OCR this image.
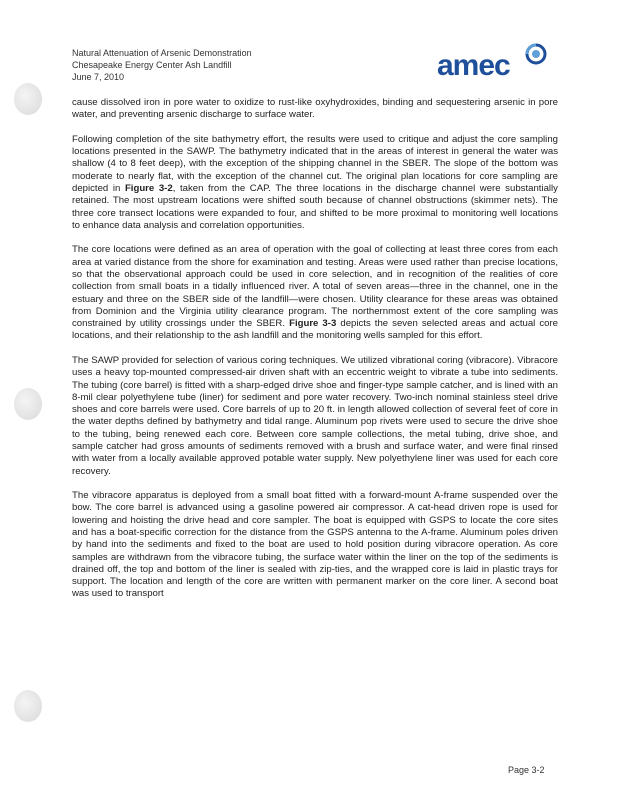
Natural Attenuation of Arsenic Demonstration
Chesapeake Energy Center Ash Landfill
June 7, 2010	amec

cause dissolved iron in pore water to oxidize to rust-like oxyhydroxides, binding and sequestering arsenic in pore water, and preventing arsenic discharge to surface water.

Following completion of the site bathymetry effort, the results were used to critique and adjust the core sampling locations presented in the SAWP. The bathymetry indicated that in the areas of interest in general the water was shallow (4 to 8 feet deep), with the exception of the shipping channel in the SBER. The slope of the bottom was moderate to nearly flat, with the exception of the channel cut. The original plan locations for core sampling are depicted in Figure 3-2, taken from the CAP. The three locations in the discharge channel were substantially retained. The most upstream locations were shifted south because of channel obstructions (skimmer nets). The three core transect locations were expanded to four, and shifted to be more proximal to monitoring well locations to enhance data analysis and correlation opportunities.

The core locations were defined as an area of operation with the goal of collecting at least three cores from each area at varied distance from the shore for examination and testing. Areas were used rather than precise locations, so that the observational approach could be used in core selection, and in recognition of the realities of core collection from small boats in a tidally influenced river. A total of seven areas—three in the channel, one in the estuary and three on the SBER side of the landfill—were chosen. Utility clearance for these areas was obtained from Dominion and the Virginia utility clearance program. The northernmost extent of the core sampling was constrained by utility crossings under the SBER. Figure 3-3 depicts the seven selected areas and actual core locations, and their relationship to the ash landfill and the monitoring wells sampled for this effort.

The SAWP provided for selection of various coring techniques. We utilized vibrational coring (vibracore). Vibracore uses a heavy top-mounted compressed-air driven shaft with an eccentric weight to vibrate a tube into sediments. The tubing (core barrel) is fitted with a sharp-edged drive shoe and finger-type sample catcher, and is lined with an 8-mil clear polyethylene tube (liner) for sediment and pore water recovery. Two-inch nominal stainless steel drive shoes and core barrels were used. Core barrels of up to 20 ft. in length allowed collection of several feet of core in the water depths defined by bathymetry and tidal range. Aluminum pop rivets were used to secure the drive shoe to the tubing, being renewed each core. Between core sample collections, the metal tubing, drive shoe, and sample catcher had gross amounts of sediments removed with a brush and surface water, and were final rinsed with water from a locally available approved potable water supply. New polyethylene liner was used for each core recovery.

The vibracore apparatus is deployed from a small boat fitted with a forward-mount A-frame suspended over the bow. The core barrel is advanced using a gasoline powered air compressor. A cat-head driven rope is used for lowering and hoisting the drive head and core sampler. The boat is equipped with GSPS to locate the core sites and has a boat-specific correction for the distance from the GSPS antenna to the A-frame. Aluminum poles driven by hand into the sediments and fixed to the boat are used to hold position during vibracore operation. As core samples are withdrawn from the vibracore tubing, the surface water within the liner on the top of the sediments is drained off, the top and bottom of the liner is sealed with zip-ties, and the wrapped core is laid in plastic trays for support. The location and length of the core are written with permanent marker on the core liner. A second boat was used to transport

Page 3-2
